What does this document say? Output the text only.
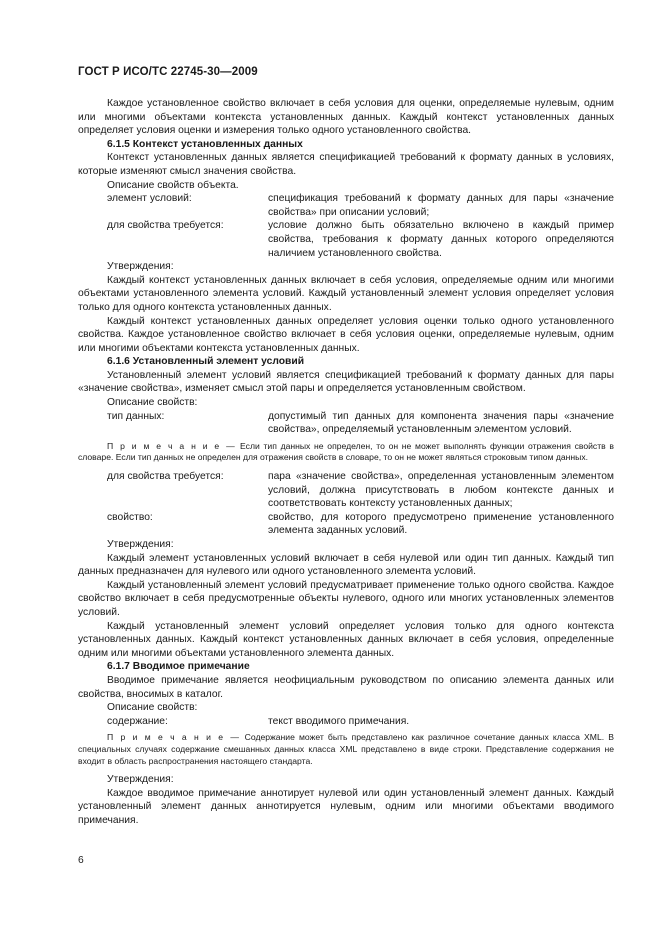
ГОСТ Р ИСО/ТС 22745-30—2009

Каждое установленное свойство включает в себя условия для оценки, определяемые нулевым, одним или многими объектами контекста установленных данных. Каждый контекст установленных данных определяет условия оценки и измерения только одного установленного свойства.

6.1.5 Контекст установленных данных

Контекст установленных данных является спецификацией требований к формату данных в условиях, которые изменяют смысл значения свойства.

Описание свойств объекта.

элемент условий:	спецификация требований к формату данных для пары «значение свойства» при описании условий;
для свойства требуется:	условие должно быть обязательно включено в каждый пример свойства, требования к формату данных которого определяются наличием установленного свойства.

Утверждения:

Каждый контекст установленных данных включает в себя условия, определяемые одним или многими объектами установленного элемента условий. Каждый установленный элемент условия определяет условия только для одного контекста установленных данных.

Каждый контекст установленных данных определяет условия оценки только одного установленного свойства. Каждое установленное свойство включает в себя условия оценки, определяемые нулевым, одним или многими объектами контекста установленных данных.

6.1.6 Установленный элемент условий

Установленный элемент условий является спецификацией требований к формату данных для пары «значение свойства», изменяет смысл этой пары и определяется установленным свойством.

Описание свойств:

тип данных:	допустимый тип данных для компонента значения пары «значение свойства», определяемый установленным элементом условий.

П р и м е ч а н и е — Если тип данных не определен, то он не может выполнять функции отражения свойств в словаре. Если тип данных не определен для отражения свойств в словаре, то он не может являться строковым типом данных.

для свойства требуется:	пара «значение свойства», определенная установленным элементом условий, должна присутствовать в любом контексте данных и соответствовать контексту установленных данных;
свойство:	свойство, для которого предусмотрено применение установленного элемента заданных условий.

Утверждения:

Каждый элемент установленных условий включает в себя нулевой или один тип данных. Каждый тип данных предназначен для нулевого или одного установленного элемента условий.

Каждый установленный элемент условий предусматривает применение только одного свойства. Каждое свойство включает в себя предусмотренные объекты нулевого, одного или многих установленных элементов условий.

Каждый установленный элемент условий определяет условия только для одного контекста установленных данных. Каждый контекст установленных данных включает в себя условия, определенные одним или многими объектами установленного элемента данных.

6.1.7 Вводимое примечание

Вводимое примечание является неофициальным руководством по описанию элемента данных или свойства, вносимых в каталог.

Описание свойств:

содержание:	текст вводимого примечания.

П р и м е ч а н и е — Содержание может быть представлено как различное сочетание данных класса XML. В специальных случаях содержание смешанных данных класса XML представлено в виде строки. Представление содержания не входит в область распространения настоящего стандарта.

Утверждения:

Каждое вводимое примечание аннотирует нулевой или один установленный элемент данных. Каждый установленный элемент данных аннотируется нулевым, одним или многими объектами вводимого примечания.

6
